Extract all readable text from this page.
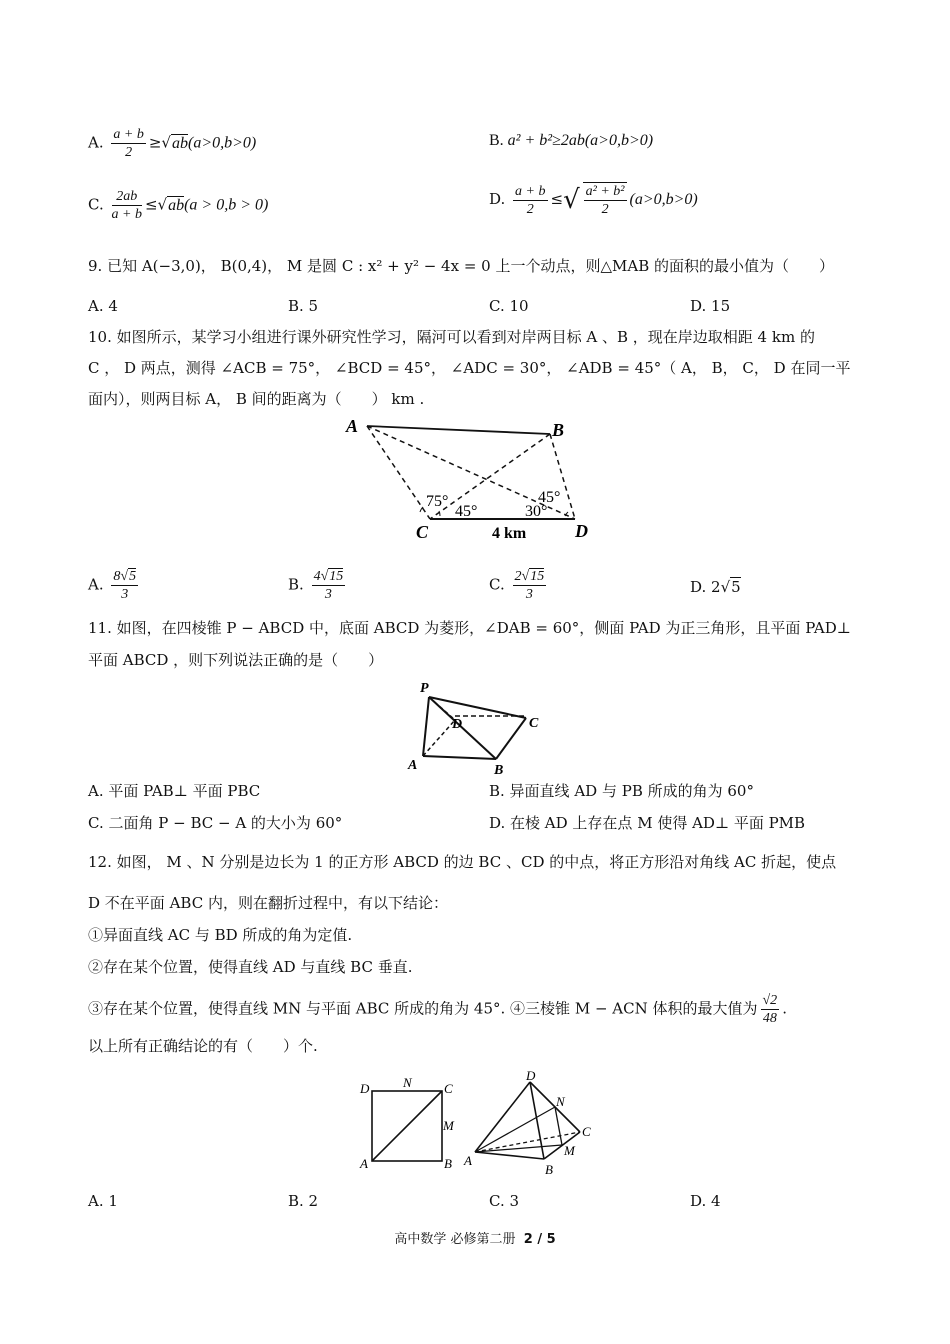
A. $\frac{a + b}{2} \ge√ab(a>0,b>0)$	B. a² + b²≥2ab(a>0,b>0)
C. $\frac{2ab}{a + b} \le√ab(a > 0,b > 0)$	D. $\frac{a + b}{2}$ ≤√ $\frac{\text{a² + b²}}{2} (a>0,b>0)$
9. 已知 A(−3,0)， B(0,4)， M 是圆 C : x² + y² − 4x = 0 上一个动点，则△MAB 的面积的最小值为（　　）
A. 4	B. 5	C. 10	D. 15
10. 如图所示，某学习小组进行课外研究性学习，隔河可以看到对岸两目标 A 、B ，现在岸边取相距 4 km 的
C ， D 两点，测得 ∠ACB = 75°， ∠BCD = 45°， ∠ADC = 30°， ∠ADB = 45°（ A， B， C， D 在同一平
面内），则两目标 A， B 间的距离为（　　） km .
A	B
C	D
75°
45°	30°
45°
4 km
A. $\frac{8√5}{3}$	B. $\frac{4√15}{3}$	C. $\frac{2√15}{3}$	D. 2√5
11. 如图，在四棱锥 P − ABCD 中，底面 ABCD 为菱形，∠DAB = 60°，侧面 PAD 为正三角形，且平面 PAD⊥
平面 ABCD ，则下列说法正确的是（　　）
P
A	B
C
D
A. 平面 PAB⊥ 平面 PBC	B. 异面直线 AD 与 PB 所成的角为 60°
C. 二面角 P − BC − A 的大小为 60°	D. 在棱 AD 上存在点 M 使得 AD⊥ 平面 PMB
12. 如图， M 、N 分别是边长为 1 的正方形 ABCD 的边 BC 、CD 的中点，将正方形沿对角线 AC 折起，使点
D 不在平面 ABC 内，则在翻折过程中，有以下结论：
①异面直线 AC 与 BD 所成的角为定值.
②存在某个位置，使得直线 AD 与直线 BC 垂直.
③存在某个位置，使得直线 MN 与平面 ABC 所成的角为 45°. ④三棱锥 M − ACN 体积的最大值为 $\frac{√2}{48}$ .
以上所有正确结论的有（　　）个.
D	N C
M
A	B
D
N
C
M
A
B
A. 1	B. 2	C. 3	D. 4
高中数学 必修第二册 2 / 5
